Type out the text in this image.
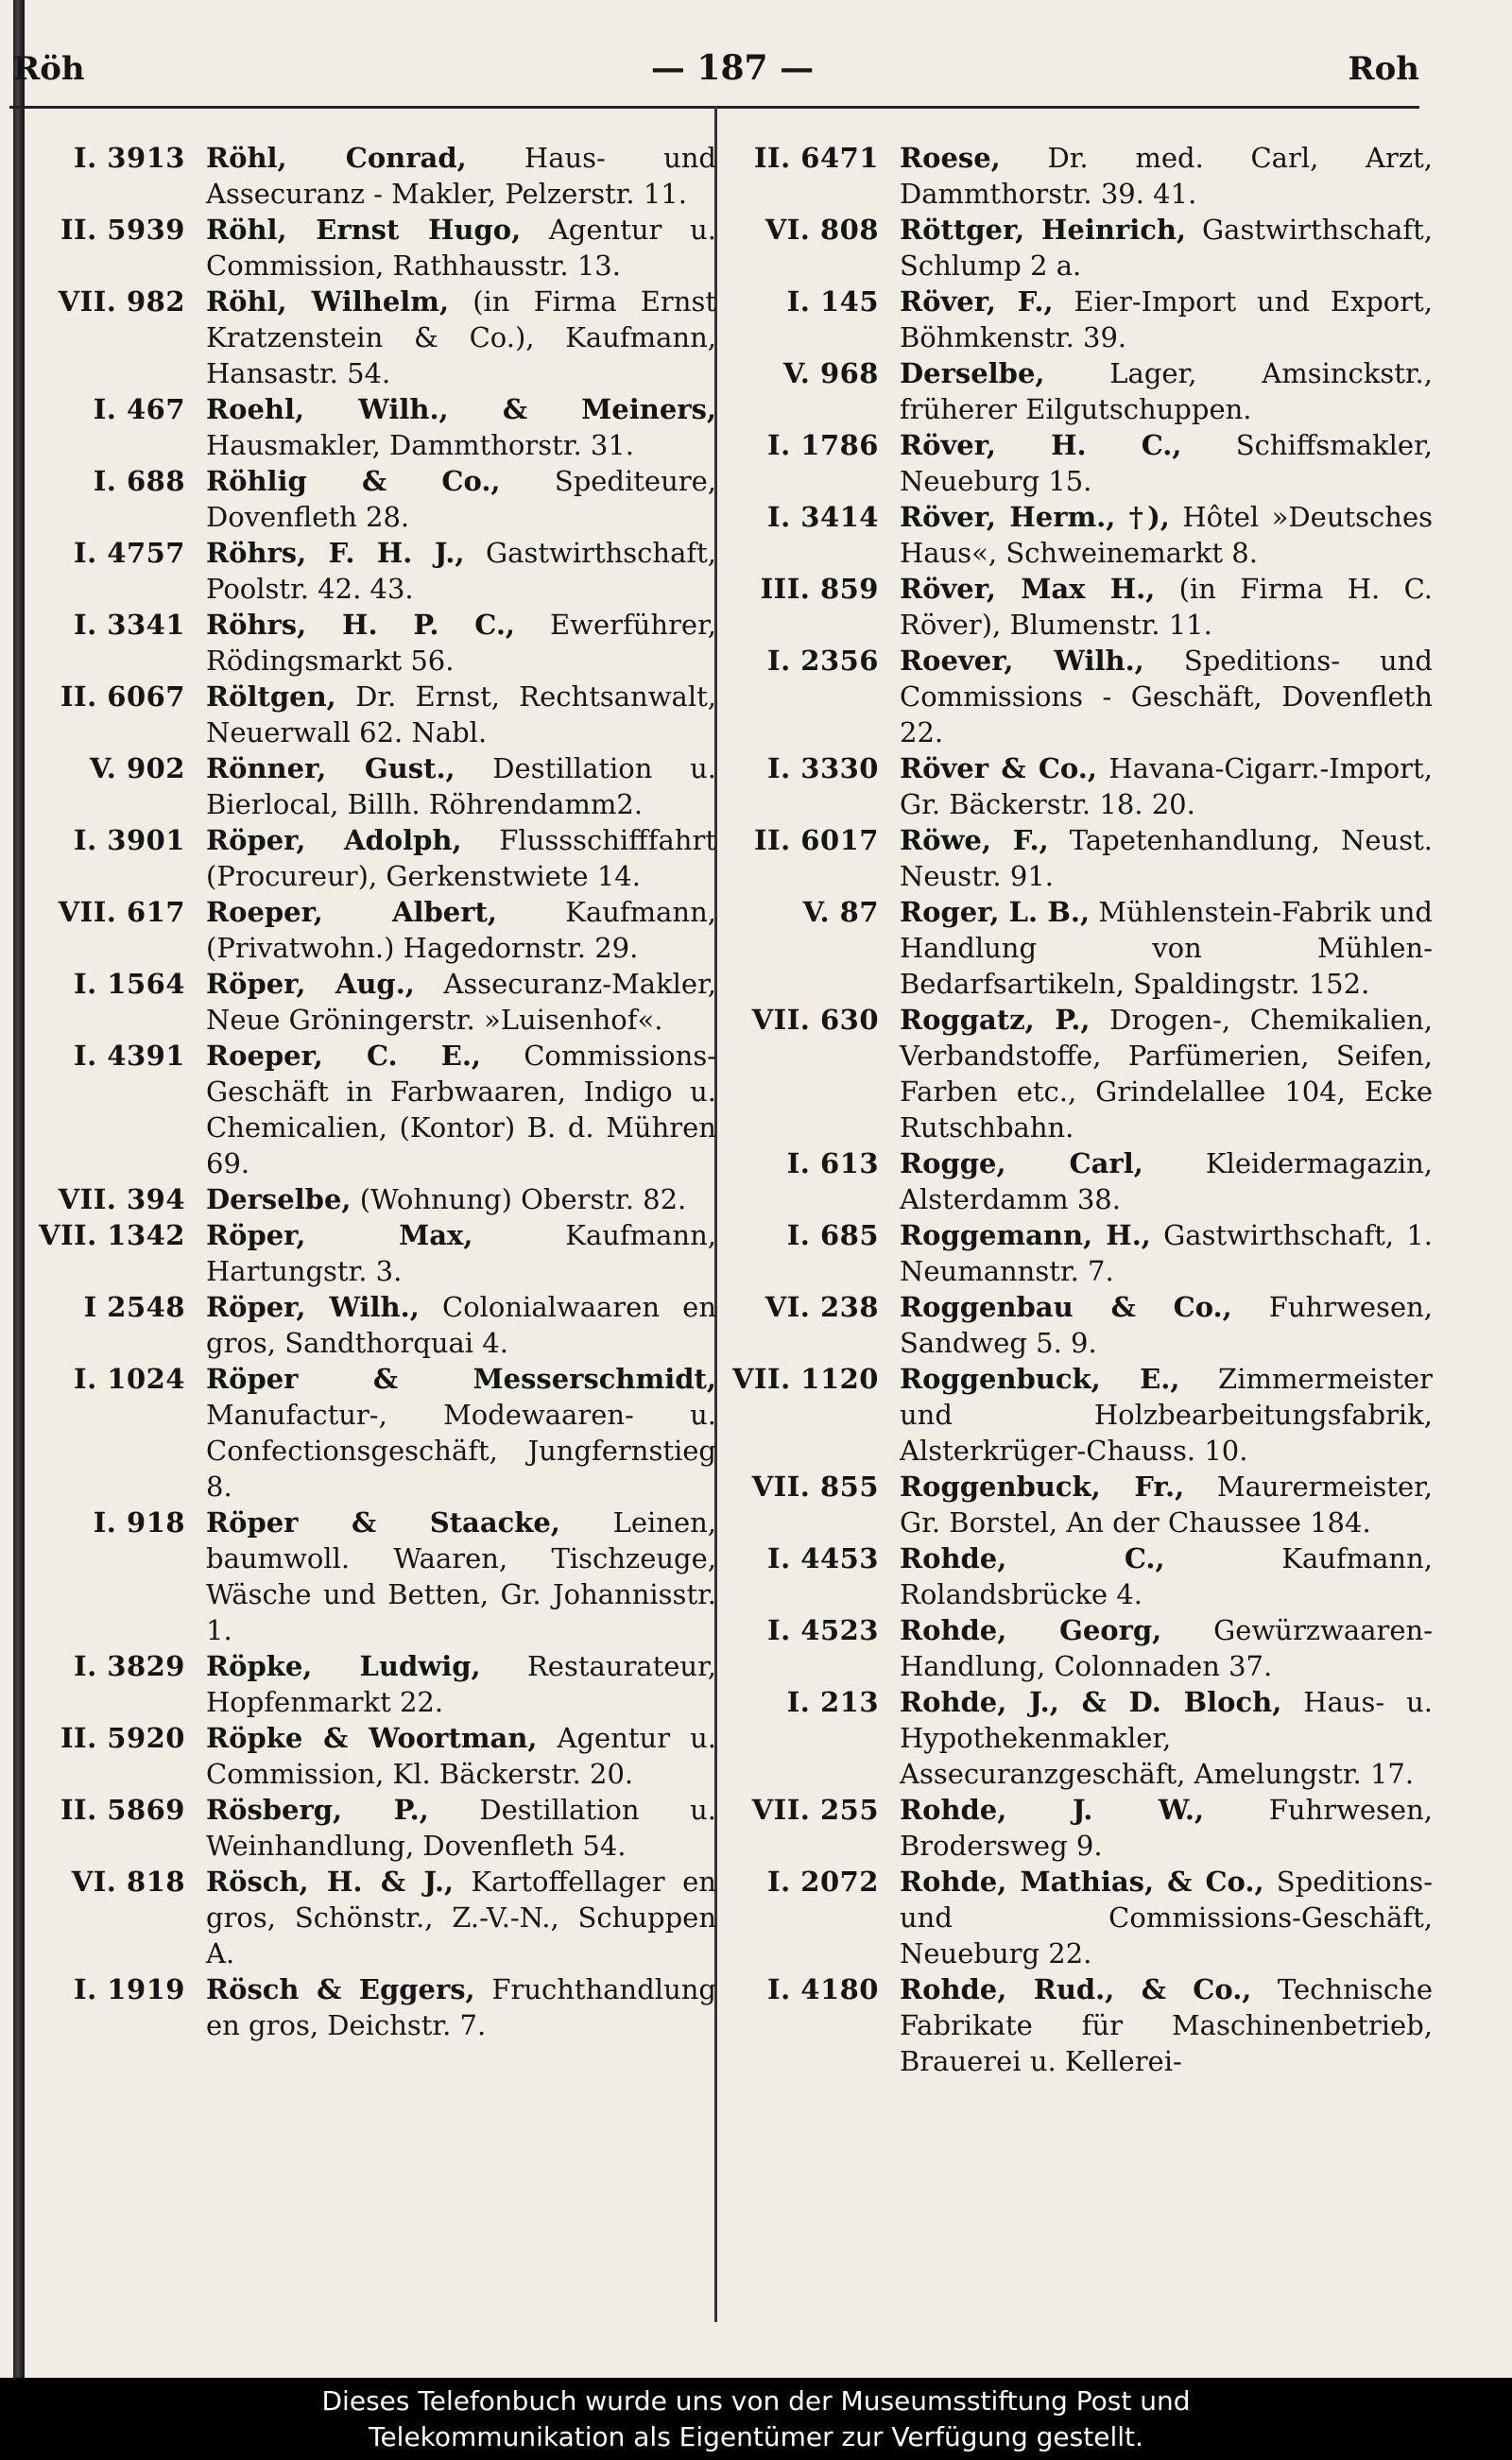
Röh	— 187 —	Roh
I. 3913 Röhl, Conrad, Haus- und Assecuranz - Makler, Pelzerstr. 11.
II. 5939 Röhl, Ernst Hugo, Agentur u. Commission, Rathhausstr. 13.
VII. 982 Röhl, Wilhelm, (in Firma Ernst Kratzenstein & Co.), Kaufmann, Hansastr. 54.
I. 467 Roehl, Wilh., & Meiners, Hausmakler, Dammthorstr. 31.
I. 688 Röhlig & Co., Spediteure, Dovenfleth 28.
I. 4757 Röhrs, F. H. J., Gastwirthschaft, Poolstr. 42. 43.
I. 3341 Röhrs, H. P. C., Ewerführer, Rödingsmarkt 56.
II. 6067 Röltgen, Dr. Ernst, Rechtsanwalt, Neuerwall 62. Nabl.
V. 902 Rönner, Gust., Destillation u. Bierlocal, Billh. Röhrendamm2.
I. 3901 Röper, Adolph, Flussschifffahrt (Procureur), Gerkenstwiete 14.
VII. 617 Roeper, Albert, Kaufmann, (Privatwohn.) Hagedornstr. 29.
I. 1564 Röper, Aug., Assecuranz-Makler, Neue Gröningerstr. »Luisenhof«.
I. 4391 Roeper, C. E., Commissions-Geschäft in Farbwaaren, Indigo u. Chemicalien, (Kontor) B. d. Mühren 69.
VII. 394 Derselbe, (Wohnung) Oberstr. 82.
VII. 1342 Röper, Max, Kaufmann, Hartungstr. 3.
I 2548 Röper, Wilh., Colonialwaaren en gros, Sandthorquai 4.
I. 1024 Röper & Messerschmidt, Manufactur-, Modewaaren- u. Confectionsgeschäft, Jungfernstieg 8.
I. 918 Röper & Staacke, Leinen, baumwoll. Waaren, Tischzeuge, Wäsche und Betten, Gr. Johannisstr. 1.
I. 3829 Röpke, Ludwig, Restaurateur, Hopfenmarkt 22.
II. 5920 Röpke & Woortman, Agentur u. Commission, Kl. Bäckerstr. 20.
II. 5869 Rösberg, P., Destillation u. Weinhandlung, Dovenfleth 54.
VI. 818 Rösch, H. & J., Kartoffellager en gros, Schönstr., Z.-V.-N., Schuppen A.
I. 1919 Rösch & Eggers, Fruchthandlung en gros, Deichstr. 7.
II. 6471 Roese, Dr. med. Carl, Arzt, Dammthorstr. 39. 41.
VI. 808 Röttger, Heinrich, Gastwirthschaft, Schlump 2 a.
I. 145 Röver, F., Eier-Import und Export, Böhmkenstr. 39.
V. 968 Derselbe, Lager, Amsinckstr., früherer Eilgutschuppen.
I. 1786 Röver, H. C., Schiffsmakler, Neueburg 15.
I. 3414 Röver, Herm., †), Hôtel »Deutsches Haus«, Schweinemarkt 8.
III. 859 Röver, Max H., (in Firma H. C. Röver), Blumenstr. 11.
I. 2356 Roever, Wilh., Speditions- und Commissions - Geschäft, Dovenfleth 22.
I. 3330 Röver & Co., Havana-Cigarr.-Import, Gr. Bäckerstr. 18. 20.
II. 6017 Röwe, F., Tapetenhandlung, Neust. Neustr. 91.
V. 87 Roger, L. B., Mühlenstein-Fabrik und Handlung von Mühlen-Bedarfsartikeln, Spaldingstr. 152.
VII. 630 Roggatz, P., Drogen-, Chemikalien, Verbandstoffe, Parfümerien, Seifen, Farben etc., Grindelallee 104, Ecke Rutschbahn.
I. 613 Rogge, Carl, Kleidermagazin, Alsterdamm 38.
I. 685 Roggemann, H., Gastwirthschaft, 1. Neumannstr. 7.
VI. 238 Roggenbau & Co., Fuhrwesen, Sandweg 5. 9.
VII. 1120 Roggenbuck, E., Zimmermeister und Holzbearbeitungsfabrik, Alsterkrüger-Chauss. 10.
VII. 855 Roggenbuck, Fr., Maurermeister, Gr. Borstel, An der Chaussee 184.
I. 4453 Rohde, C., Kaufmann, Rolandsbrücke 4.
I. 4523 Rohde, Georg, Gewürzwaaren-Handlung, Colonnaden 37.
I. 213 Rohde, J., & D. Bloch, Haus- u. Hypothekenmakler, Assecuranzgeschäft, Amelungstr. 17.
VII. 255 Rohde, J. W., Fuhrwesen, Brodersweg 9.
I. 2072 Rohde, Mathias, & Co., Speditions- und Commissions-Geschäft, Neueburg 22.
I. 4180 Rohde, Rud., & Co., Technische Fabrikate für Maschinenbetrieb, Brauerei u. Kellerei-
Dieses Telefonbuch wurde uns von der Museumsstiftung Post und
Telekommunikation als Eigentümer zur Verfügung gestellt.
